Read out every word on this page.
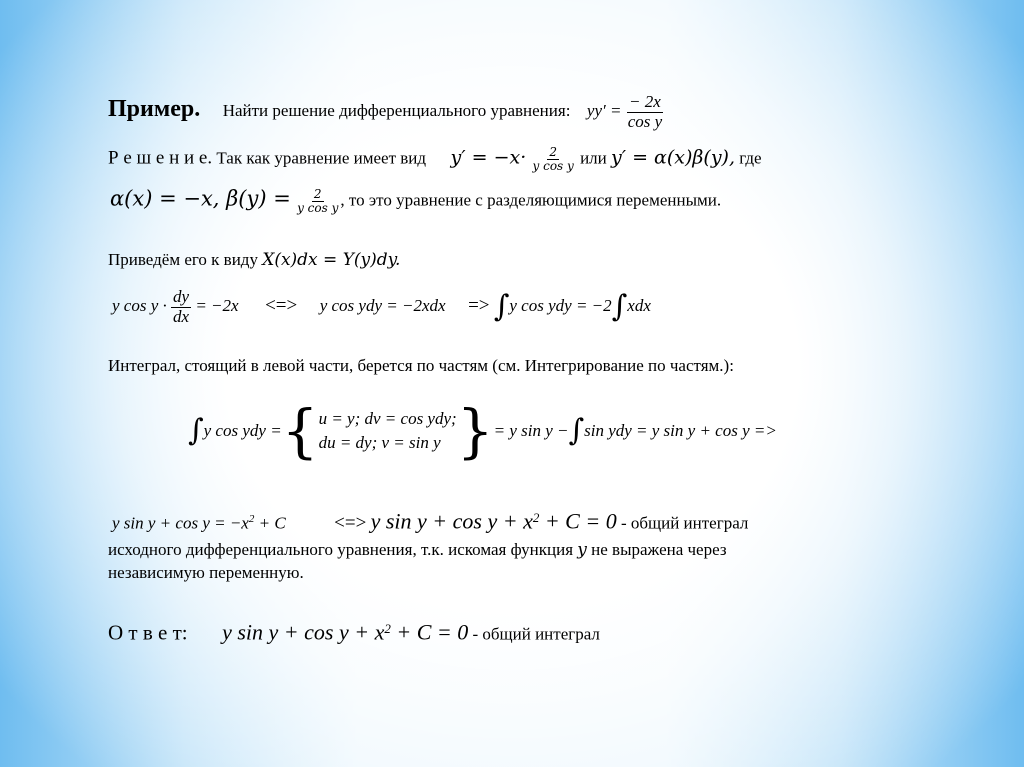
Пример. Найти решение дифференциального уравнения: $yy' = \frac{- 2x}{\text{cos y}}$
Р е ш е н и е. Так как уравнение имеет вид $y' = -x\cdot \frac{2}{\text{y cos y}}$ или y′ = α(x)β(y), где
α(x) = −x, $\beta(y) = \frac{2}{\text{y cos y}}$ , то это уравнение с разделяющимися переменными.
Приведём его к виду X(x)dx = Y(y)dy.
y $\cos y \cdot \frac{dy}{dx} = -2x$ <=> y cos ydy = −2xdx => ∫y cos ydy = −2∫xdx
Интеграл, стоящий в левой части, берется по частям (см. Интегрирование по частям.):
∫ y cos ydy = { u = y; dv = cos ydy;
du = dy; v = sin y } = y sin y − ∫ sin ydy = y sin y + cos y =>
y $\sin y + \cos y = -x^2 + C$	<=> y $\sin y + \cos y + x^2 + C = 0$ - общий интеграл
исходного дифференциального уравнения, т.к. искомая функция y не выражена через
независимую переменную.
О т в е т: y $\sin y + \cos y + x^2 + C = 0$ - общий интеграл
